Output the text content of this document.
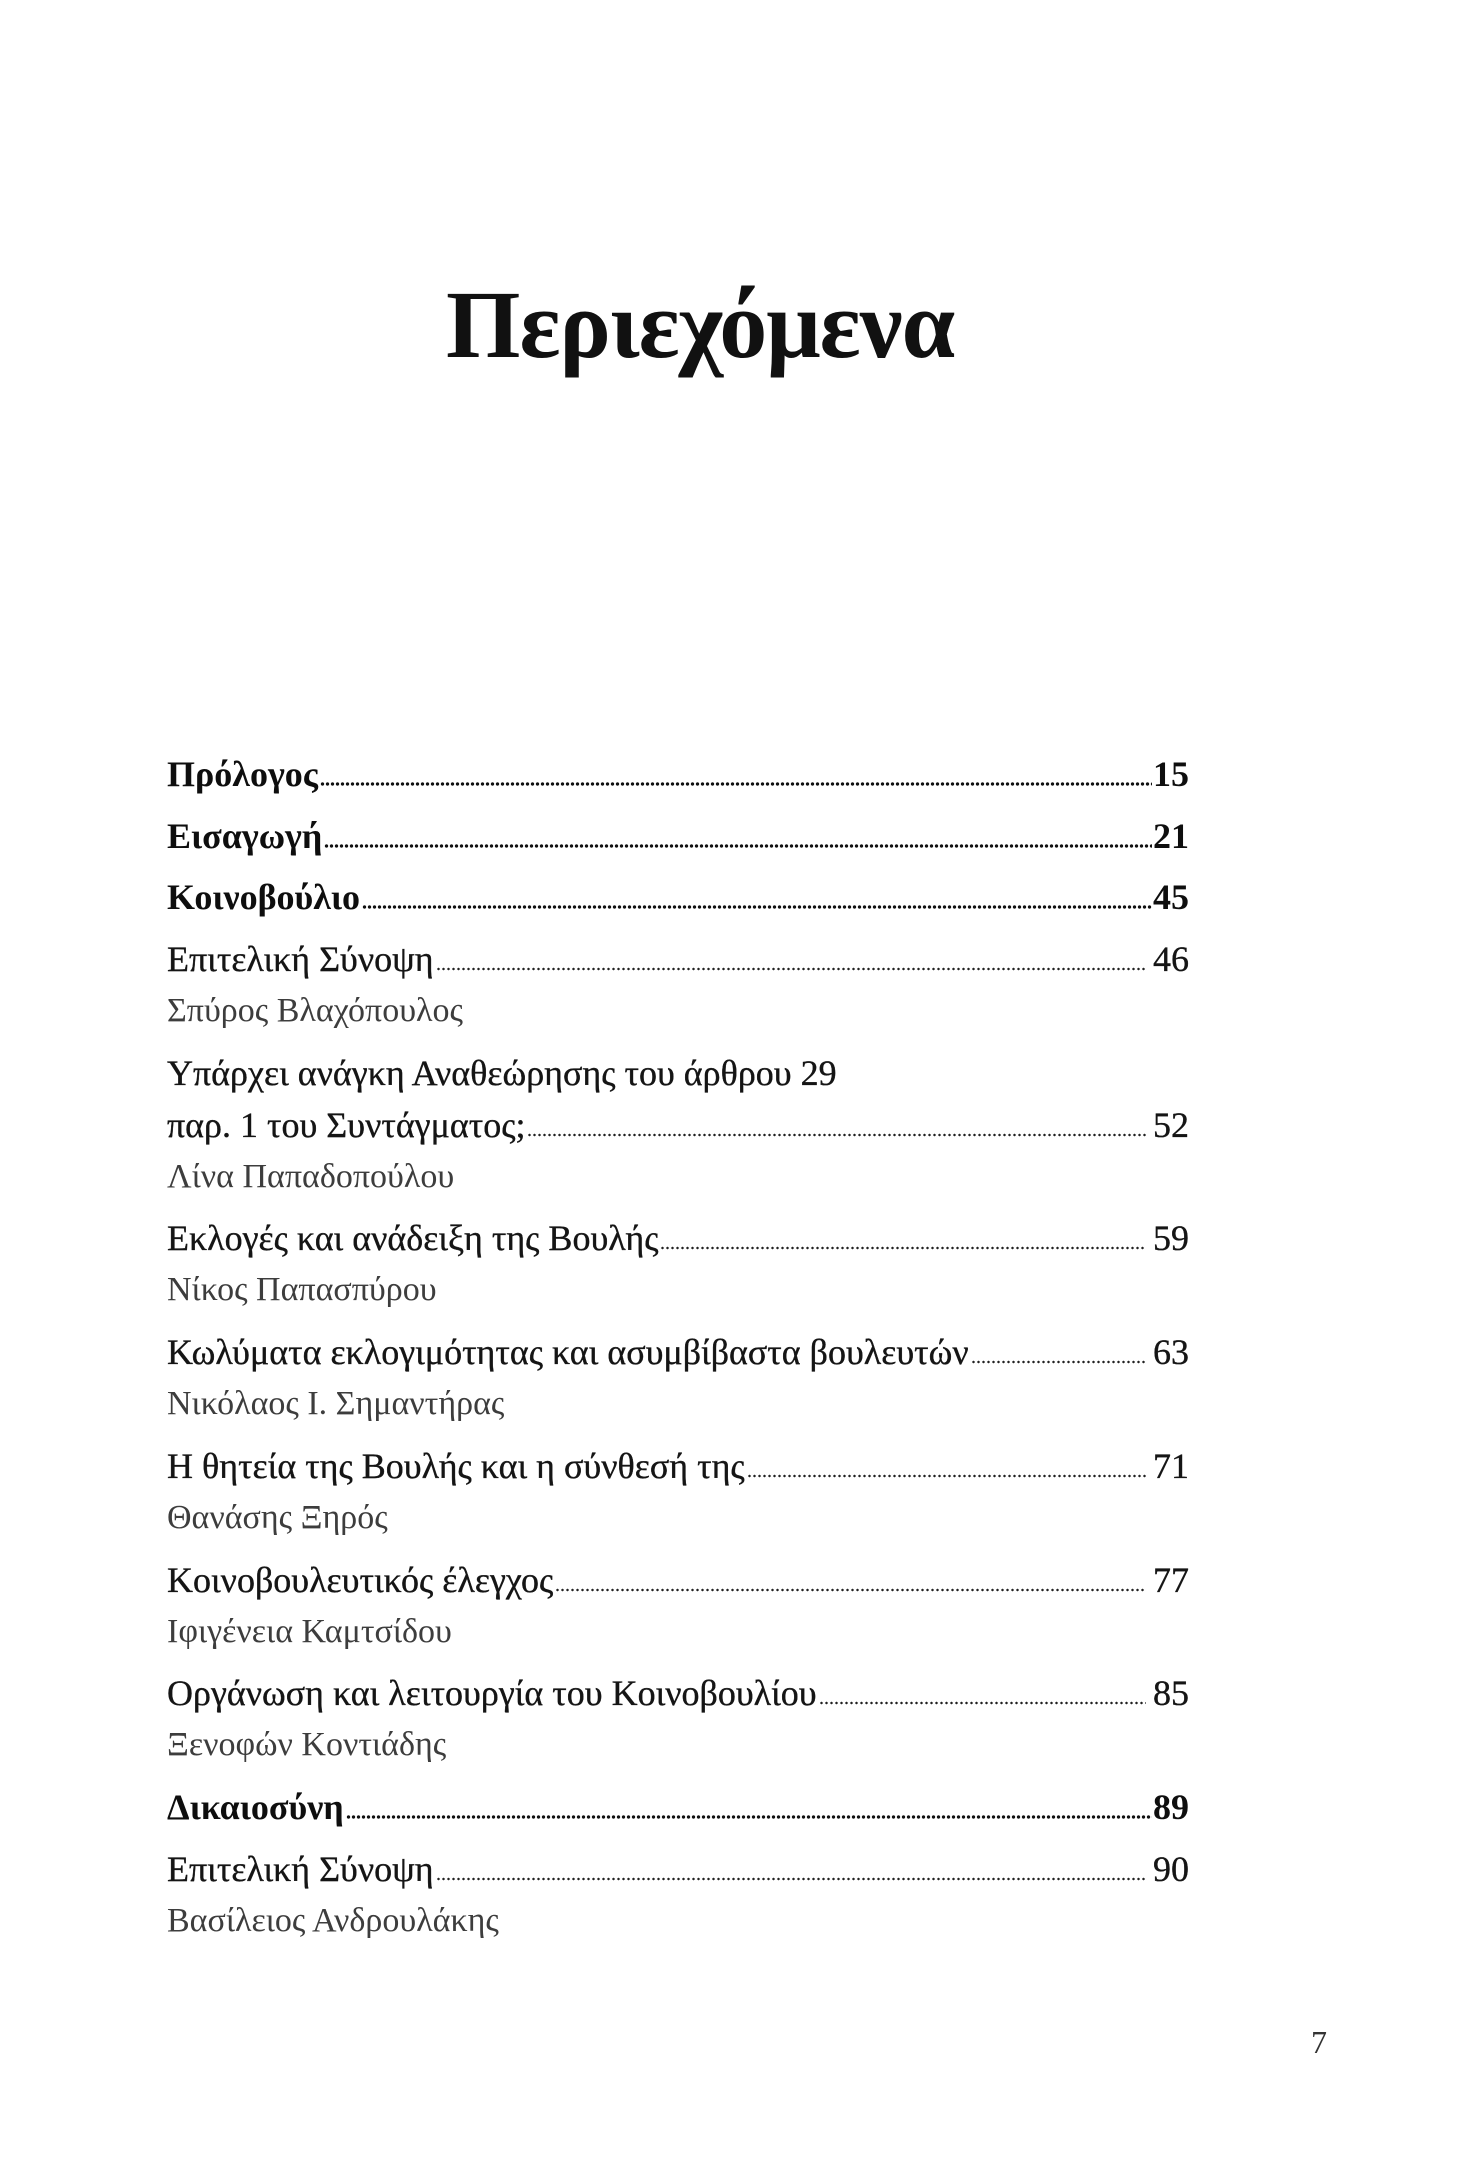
Περιεχόμενα
Πρόλογος	15
Εισαγωγή	21
Κοινοβούλιο	45
Επιτελική Σύνοψη	46
Σπύρος Βλαχόπουλος
Υπάρχει ανάγκη Αναθεώρησης του άρθρου 29
παρ. 1 του Συντάγματος;	52
Λίνα Παπαδοπούλου
Εκλογές και ανάδειξη της Βουλής	59
Νίκος Παπασπύρου
Κωλύματα εκλογιμότητας και ασυμβίβαστα βουλευτών	63
Νικόλαος Ι. Σημαντήρας
Η θητεία της Βουλής και η σύνθεσή της	71
Θανάσης Ξηρός
Κοινοβουλευτικός έλεγχος	77
Ιφιγένεια Καμτσίδου
Οργάνωση και λειτουργία του Κοινοβουλίου	85
Ξενοφών Κοντιάδης
Δικαιοσύνη	89
Επιτελική Σύνοψη	90
Βασίλειος Ανδρουλάκης
7
